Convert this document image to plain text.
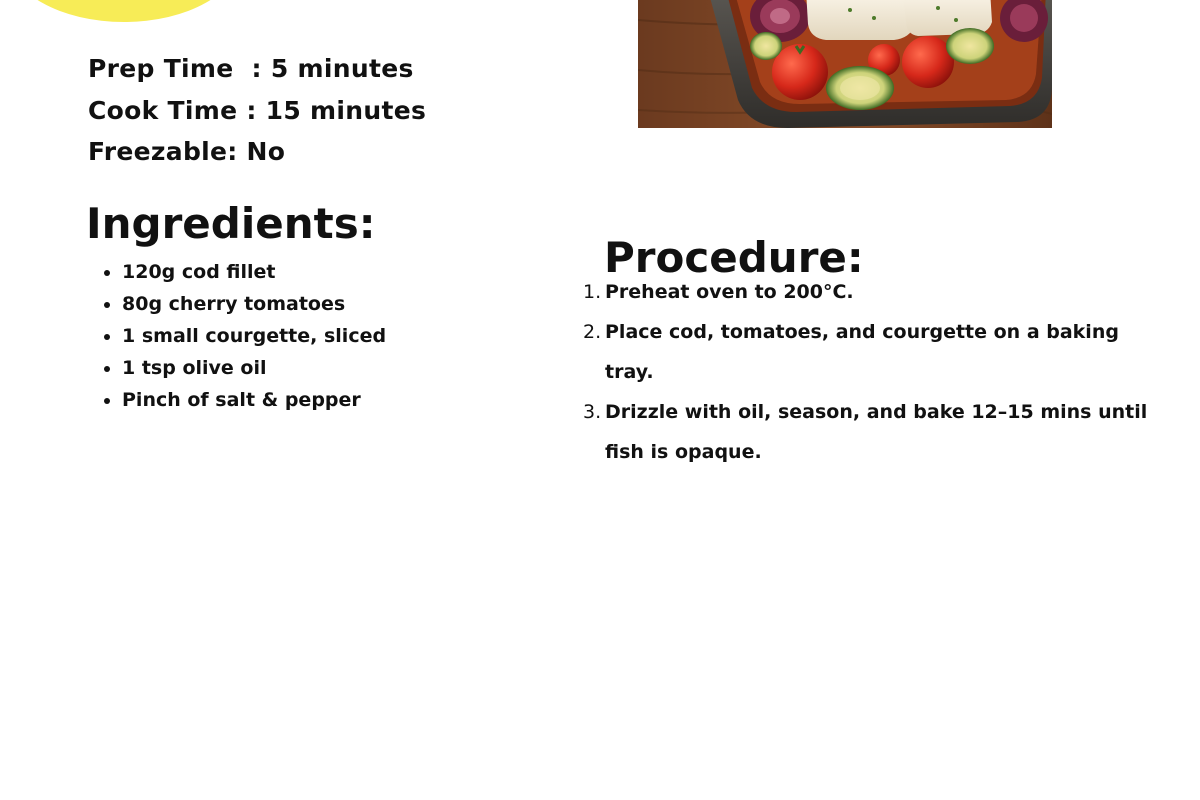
Prep Time  : 5 minutes
Cook Time : 15 minutes
Freezable: No
Ingredients:
• 120g cod fillet
• 80g cherry tomatoes
• 1 small courgette, sliced
• 1 tsp olive oil
• Pinch of salt & pepper
Procedure:
1. Preheat oven to 200°C.
2. Place cod, tomatoes, and courgette on a baking tray.
3. Drizzle with oil, season, and bake 12–15 mins until fish is opaque.
